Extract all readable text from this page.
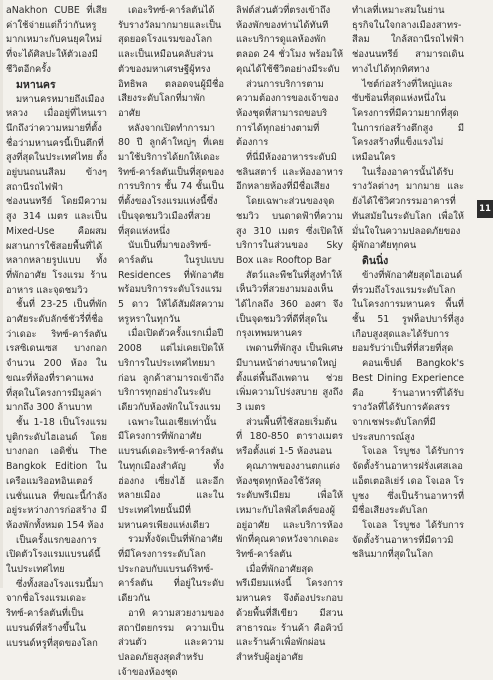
aNakhon CUBE ที่เสียค่าใช้จ่ายแต่ก็ว่ากันหรูมากเหมาะกับคนยุคใหม่ที่จะได้ศิลปะให้ตัวเองมีชีวิตอีกครั้ง

มหานคร

มหานครหมายถึงเมืองหลวง เมื่ออยู่ที่ไหนเรานึกถึงว่าความหมายที่ตั้งชื่อว่ามหานครนี้เป็นตึกที่สูงที่สุดในประเทศไทย ตั้งอยู่บนถนนสีลม ข้างๆ สถานีรถไฟฟ้าช่องนนทรีย์ โดยมีความสูง 314 เมตร และเป็น Mixed-Use คือผสมผสานการใช้สอยพื้นที่ได้หลากหลายรูปแบบ ทั้งที่พักอาศัย โรงแรม ร้านอาหาร และจุดชมวิว

ชั้นที่ 23-25 เป็นที่พักอาศัยระดับลักซ์ชัวรี่ที่ชื่อว่าเดอะ ริทซ์-คาร์ลตัน เรสซิเดนเซส บางกอก จำนวน 200 ห้อง ในขณะที่ห้องที่ราคาแพงที่สุดในโครงการมีมูลค่ามากถึง 300 ล้านบาท

ชั้น 1-18 เป็นโรงแรมบูติกระดับไฮเอนด์ โดย บางกอก เอดิชั่น The Bangkok Edition ในเครือแมริออทอินเตอร์เนชั่นแนล ที่ขณะนี้กำลังอยู่ระหว่างการก่อสร้าง มีห้องพักทั้งหมด 154 ห้อง

เป็นครั้งแรกของการเปิดตัวโรงแรมแบรนด์นี้ในประเทศไทย

ซึ่งทั้งสองโรงแรมนี้มาจากชื่อโรงแรมเดอะริทซ์-คาร์ลตันที่เป็นแบรนด์ที่สร้างขึ้นในแบรนด์หรูที่สุดของโลก

เดอะริทซ์-คาร์ลตันได้รับรางวัลมากมายและเป็นสุดยอดโรงแรมของโลก และเป็นเหมือนคลับส่วนตัวของมหาเศรษฐีผู้ทรงอิทธิพล ตลอดจนผู้มีชื่อเสียงระดับโลกที่มาพักอาศัย

หลังจากเปิดทำการมา 80 ปี ลูกค้าใหญ่ๆ ที่เคยมาใช้บริการได้ยกให้เดอะริทซ์-คาร์ลตันเป็นที่สุดของการบริการ ชั้น 74 ชั้นเป็นที่ตั้งของโรงแรมแห่งนี้ซึ่งเป็นจุดชมวิวเมืองที่สวยที่สุดแห่งหนึ่ง

นับเป็นที่มาของริทซ์-คาร์ลตัน ในรูปแบบ Residences ที่พักอาศัยพร้อมบริการระดับโรงแรม 5 ดาว ให้ได้สัมผัสความหรูหราในทุกวัน

เมื่อเปิดตัวครั้งแรกเมื่อปี 2008 แต่ไม่เคยเปิดให้บริการในประเทศไทยมาก่อน ลูกค้าสามารถเข้าถึงบริการทุกอย่างในระดับเดียวกับห้องพักในโรงแรม

เฉพาะในเอเชียเท่านั้น มีโครงการที่พักอาศัยแบรนด์เดอะริทซ์-คาร์ลตันในทุกเมืองสำคัญ ทั้งฮ่องกง เซี่ยงไฮ้ และอีกหลายเมือง และในประเทศไทยนั้นมีที่มหานครเพียงแห่งเดียว

รวมทั้งจัดเป็นที่พักอาศัยที่มีโครงการระดับโลกประกอบกับแบรนด์ริทซ์-คาร์ลตัน ที่อยู่ในระดับเดียวกัน

อาทิ ความสวยงามของสถาปัตยกรรม ความเป็นส่วนตัว และความปลอดภัยสูงสุดสำหรับเจ้าของห้องชุด

ลิฟต์ส่วนตัวที่ตรงเข้าถึงห้องพักของท่านได้ทันที และบริการดูแลห้องพักตลอด 24 ชั่วโมง พร้อมให้คุณได้ใช้ชีวิตอย่างมีระดับ

ส่วนการบริการตามความต้องการของเจ้าของห้องชุดที่สามารถขอบริการได้ทุกอย่างตามที่ต้องการ

ที่นี่มีห้องอาหารระดับมิชลินสตาร์ และห้องอาหารอีกหลายห้องที่มีชื่อเสียง

โดยเฉพาะส่วนของจุดชมวิว บนดาดฟ้าที่ความสูง 310 เมตร ซึ่งเปิดให้บริการในส่วนของ Sky Box และ Rooftop Bar

สัตว์และพืชในที่สูงทำให้เห็นวิวที่สวยงามมองเห็นได้ไกลถึง 360 องศา จึงเป็นจุดชมวิวที่ดีที่สุดในกรุงเทพมหานคร

เพดานที่พักสูง เป็นพิเศษมีบานหน้าต่างขนาดใหญ่ตั้งแต่พื้นถึงเพดาน ช่วยเพิ่มความโปร่งสบาย สูงถึง 3 เมตร

ส่วนพื้นที่ใช้สอยเริ่มต้นที่ 180-850 ตารางเมตร หรือตั้งแต่ 1-5 ห้องนอน

คุณภาพของงานตกแต่งห้องชุดทุกห้องใช้วัสดุระดับพรีเมียม เพื่อให้เหมาะกับไลฟ์สไตล์ของผู้อยู่อาศัย และบริการห้องพักที่คุณคาดหวังจากเดอะริทซ์-คาร์ลตัน

เมื่อที่พักอาศัยสุดพรีเมียมแห่งนี้ โครงการมหานคร จึงต้องประกอบด้วยพื้นที่สีเขียว มีสวนสาธารณะ ร้านค้า คือคิวบ์ และร้านค้าเพื่อพักผ่อนสำหรับผู้อยู่อาศัย

ทำเลที่เหมาะสมในย่านธุรกิจในใจกลางเมืองสาทร-สีลม ใกล้สถานีรถไฟฟ้าช่องนนทรีย์ สามารถเดินทางไปได้ทุกทิศทาง

ไซต์ก่อสร้างที่ใหญ่และซับซ้อนที่สุดแห่งหนึ่งในโครงการที่มีความยากที่สุดในการก่อสร้างตึกสูง มีโครงสร้างที่แข็งแรงไม่เหมือนใคร

ในเรื่องอาคารนั้นได้รับรางวัลต่างๆ มากมาย และยังได้ใช้วิศวกรรมอาคารที่ทันสมัยในระดับโลก เพื่อให้มั่นใจในความปลอดภัยของผู้พักอาศัยทุกคน

ดินนิ่ง

ข้างที่พักอาศัยสุดไฮเอนด์ที่รวมถึงโรงแรมระดับโลกในโครงการมหานคร พื้นที่ชั้น 51 รูฟท็อปบาร์ที่สูงเกือบสูงสุดและได้รับการยอมรับว่าเป็นที่ที่สวยที่สุด

คอนเซ็ปต์ Bangkok's Best Dining Experience คือ ร้านอาหารที่ได้รับรางวัลที่ได้รับการคัดสรรจากเชฟระดับโลกที่มีประสบการณ์สูง

โจเอล โรบูชง ได้รับการจัดตั้งร้านอาหารฝรั่งเศสเลอแอ็ตเตอลิเย่ร์ เดอ โจเอล โรบูชง ซึ่งเป็นร้านอาหารที่มีชื่อเสียงระดับโลก

โจเอล โรบูชง ได้รับการจัดตั้งร้านอาหารที่มีดาวมิชลินมากที่สุดในโลก

11
